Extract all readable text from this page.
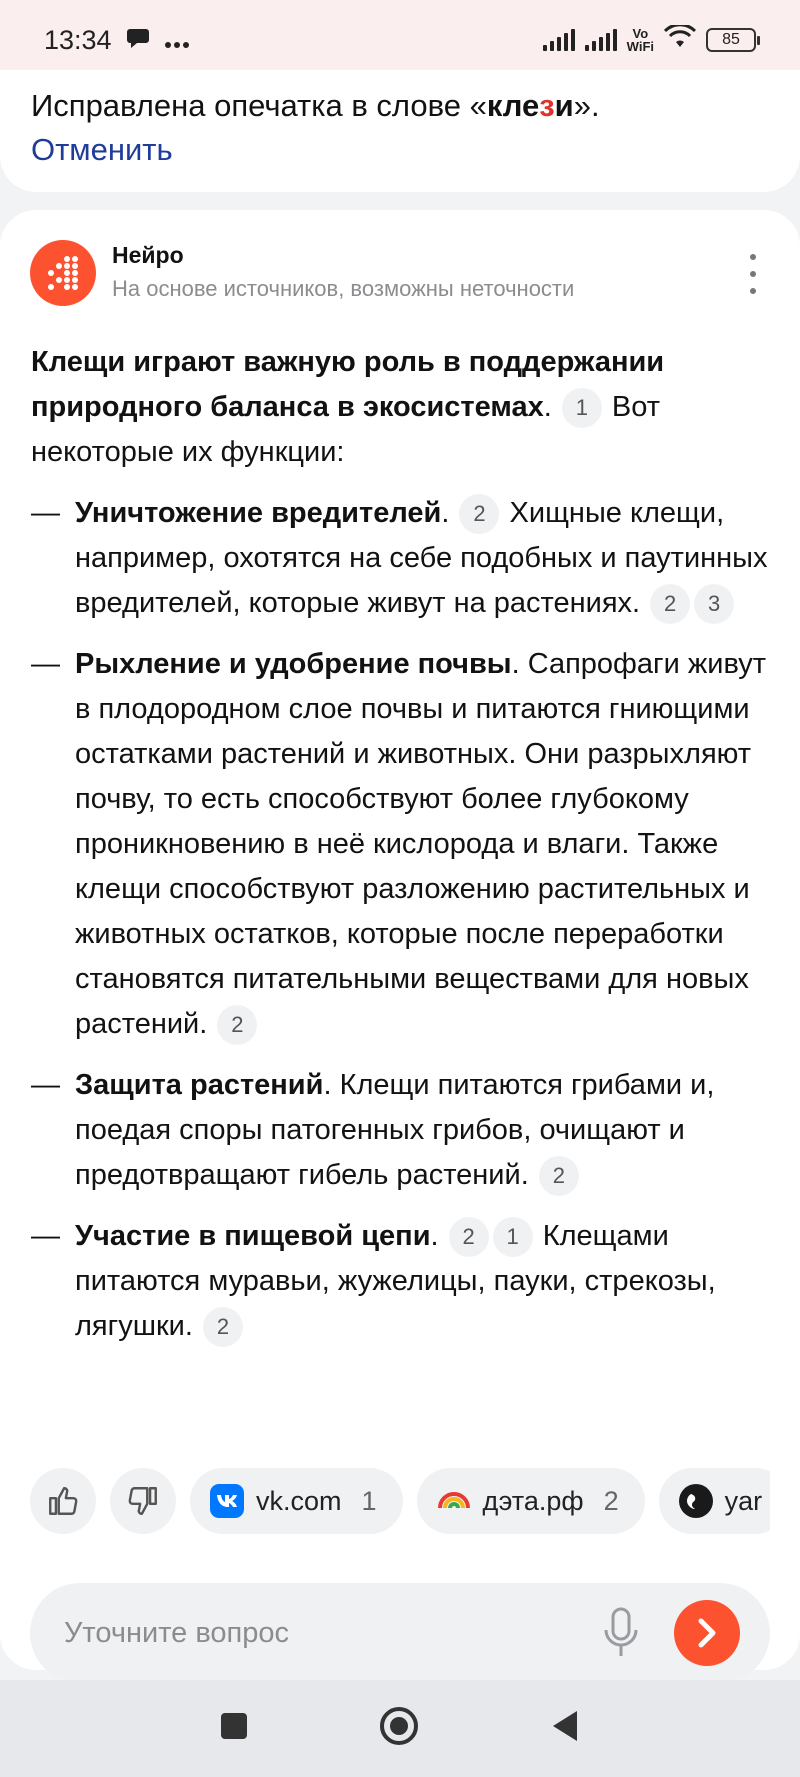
13:34	Vo
WiFi	85
Исправлена опечатка в слове «клези».
Отменить
Нейро
На основе источников, возможны неточности

Клещи играют важную роль в поддержании природного баланса в экосистемах. 1 Вот некоторые их функции:

— Уничтожение вредителей. 2 Хищные клещи, например, охотятся на себе подобных и паутинных вредителей, которые живут на растениях. 2 3
— Рыхление и удобрение почвы. Сапрофаги живут в плодородном слое почвы и питаются гниющими остатками растений и животных. Они разрыхляют почву, то есть способствуют более глубокому проникновению в неё кислорода и влаги. Также клещи способствуют разложению растительных и животных остатков, которые после переработки становятся питательными веществами для новых растений. 2
— Защита растений. Клещи питаются грибами и, поедая споры патогенных грибов, очищают и предотвращают гибель растений. 2
— Участие в пищевой цепи. 2 1 Клещами питаются муравьи, жужелицы, пауки, стрекозы, лягушки. 2
vk.com 1	дэта.рф 2	yar
Уточните вопрос
